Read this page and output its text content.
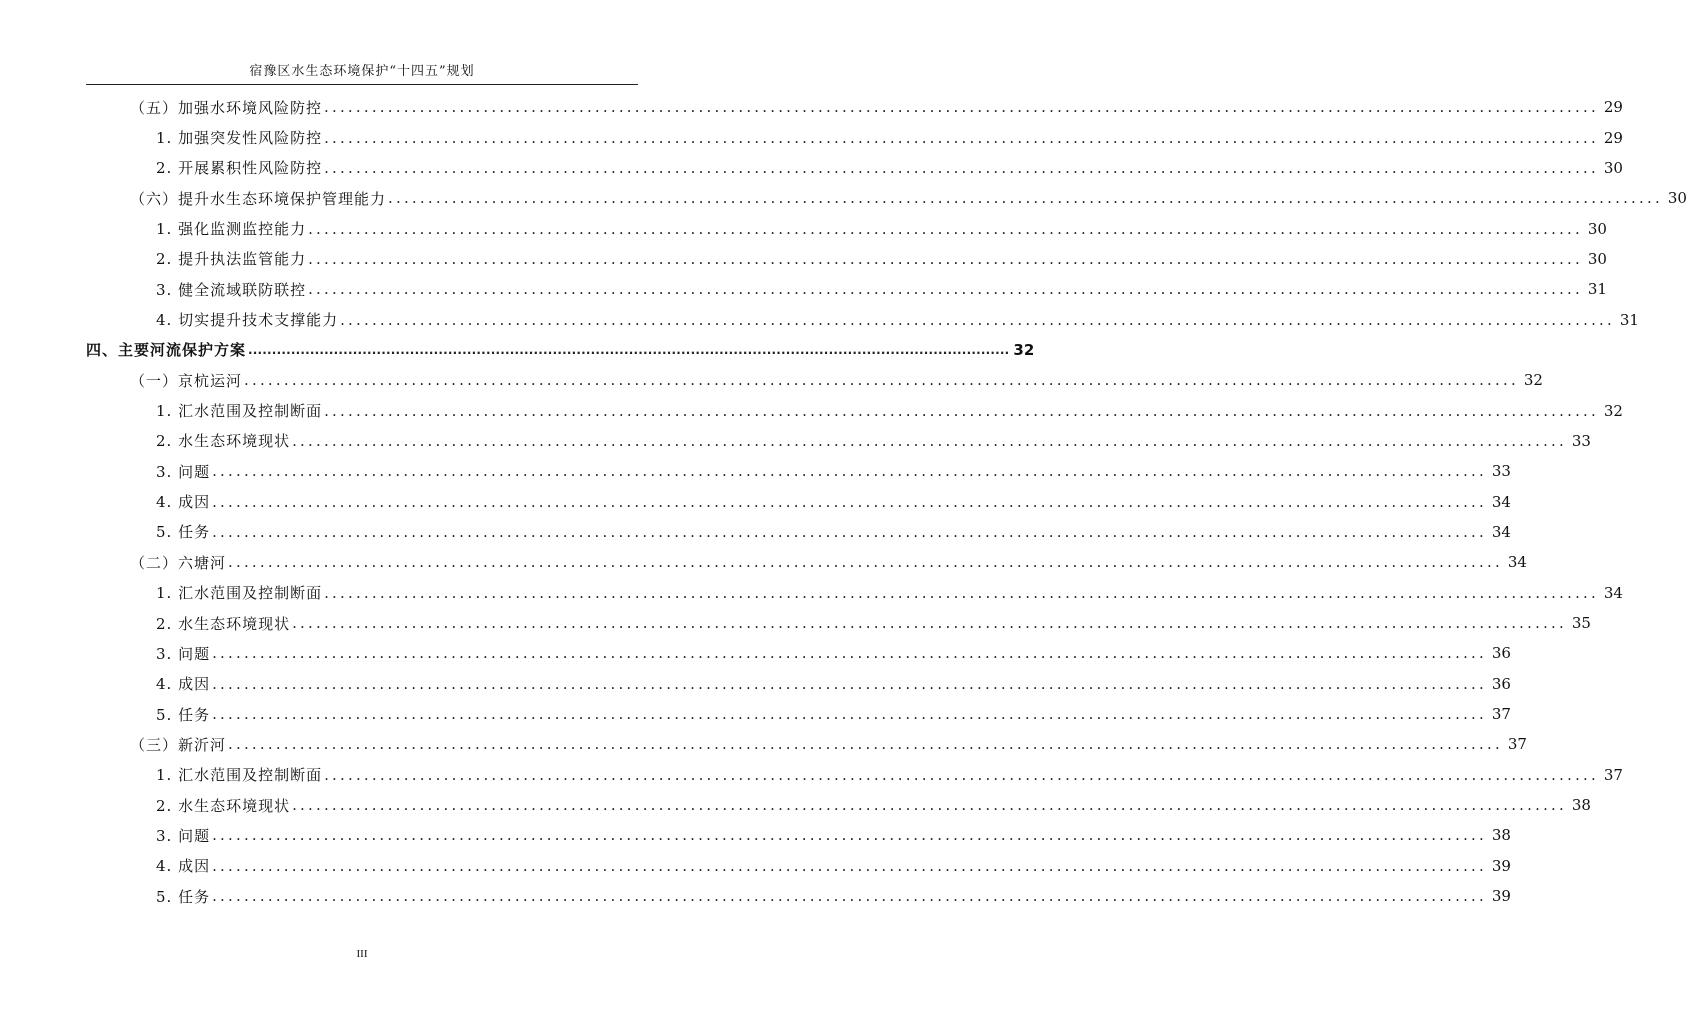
宿豫区水生态环境保护“十四五”规划
（五）加强水环境风险防控 ................................................................................................................................................................ 29
1. 加强突发性风险防控 ................................................................................................................................................................ 29
2. 开展累积性风险防控 ................................................................................................................................................................ 30
（六）提升水生态环境保护管理能力 ................................................................................................................................................................ 30
1. 强化监测监控能力 ................................................................................................................................................................ 30
2. 提升执法监管能力 ................................................................................................................................................................ 30
3. 健全流域联防联控 ................................................................................................................................................................ 31
4. 切实提升技术支撑能力 ................................................................................................................................................................ 31
四、主要河流保护方案 ................................................................................................................................................................ 32
（一）京杭运河 ................................................................................................................................................................ 32
1. 汇水范围及控制断面 ................................................................................................................................................................ 32
2. 水生态环境现状 ................................................................................................................................................................ 33
3. 问题 ................................................................................................................................................................ 33
4. 成因 ................................................................................................................................................................ 34
5. 任务 ................................................................................................................................................................ 34
（二）六塘河 ................................................................................................................................................................ 34
1. 汇水范围及控制断面 ................................................................................................................................................................ 34
2. 水生态环境现状 ................................................................................................................................................................ 35
3. 问题 ................................................................................................................................................................ 36
4. 成因 ................................................................................................................................................................ 36
5. 任务 ................................................................................................................................................................ 37
（三）新沂河 ................................................................................................................................................................ 37
1. 汇水范围及控制断面 ................................................................................................................................................................ 37
2. 水生态环境现状 ................................................................................................................................................................ 38
3. 问题 ................................................................................................................................................................ 38
4. 成因 ................................................................................................................................................................ 39
5. 任务 ................................................................................................................................................................ 39
III
